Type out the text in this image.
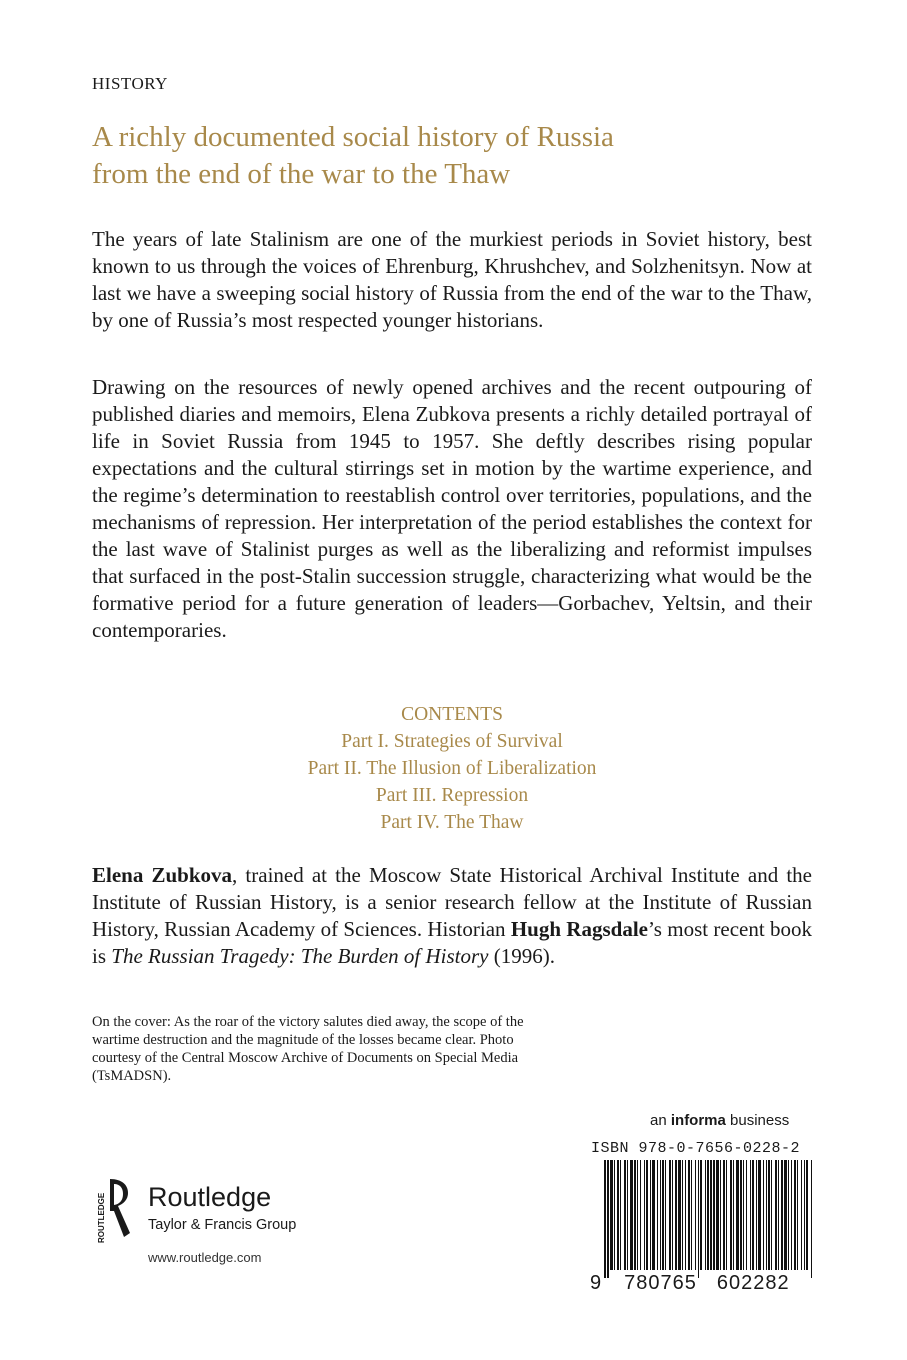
HISTORY
A richly documented social history of Russia
from the end of the war to the Thaw
The years of late Stalinism are one of the murkiest periods in Soviet history, best known to us through the voices of Ehrenburg, Khrushchev, and Solzhenitsyn. Now at last we have a sweeping social history of Russia from the end of the war to the Thaw, by one of Russia’s most respected younger historians.
Drawing on the resources of newly opened archives and the recent outpouring of published diaries and memoirs, Elena Zubkova presents a richly detailed portrayal of life in Soviet Russia from 1945 to 1957. She deftly describes rising popular expectations and the cultural stirrings set in motion by the wartime experience, and the regime’s determination to reestablish control over territories, populations, and the mechanisms of repression. Her interpretation of the period establishes the context for the last wave of Stalinist purges as well as the liberalizing and reformist impulses that surfaced in the post-Stalin succession struggle, characterizing what would be the formative period for a future generation of leaders—Gorbachev, Yeltsin, and their contemporaries.
CONTENTS
Part I. Strategies of Survival
Part II. The Illusion of Liberalization
Part III. Repression
Part IV. The Thaw
Elena Zubkova, trained at the Moscow State Historical Archival Institute and the Institute of Russian History, is a senior research fellow at the Institute of Russian History, Russian Academy of Sciences. Historian Hugh Ragsdale’s most recent book is The Russian Tragedy: The Burden of History (1996).
On the cover: As the roar of the victory salutes died away, the scope of the wartime destruction and the magnitude of the losses became clear. Photo courtesy of the Central Moscow Archive of Documents on Special Media (TsMADSN).
an informa business
ISBN 978-0-7656-0228-2
9 780765 602282
ROUTLEDGE Routledge
Taylor & Francis Group
www.routledge.com
